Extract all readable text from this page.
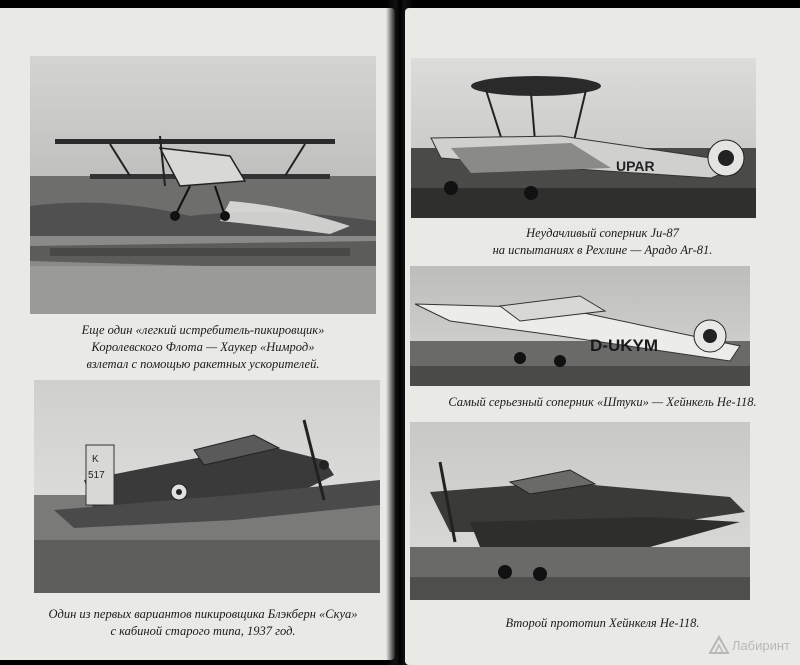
Еще один «легкий истребитель-пикировщик»
Королевского Флота — Хаукер «Нимрод»
взлетал с помощью ракетных ускорителей.
K
517
Один из первых вариантов пикировщика Блэкберн «Скуа»
с кабиной старого типа, 1937 год.
UPAR
Неудачливый соперник Ju-87
на испытаниях в Рехлине — Арадо Ar-81.
D-UKYM
Самый серьезный соперник «Штуки» — Хейнкель Не-118.
Второй прототип Хейнкеля Не-118.
Лабиринт
